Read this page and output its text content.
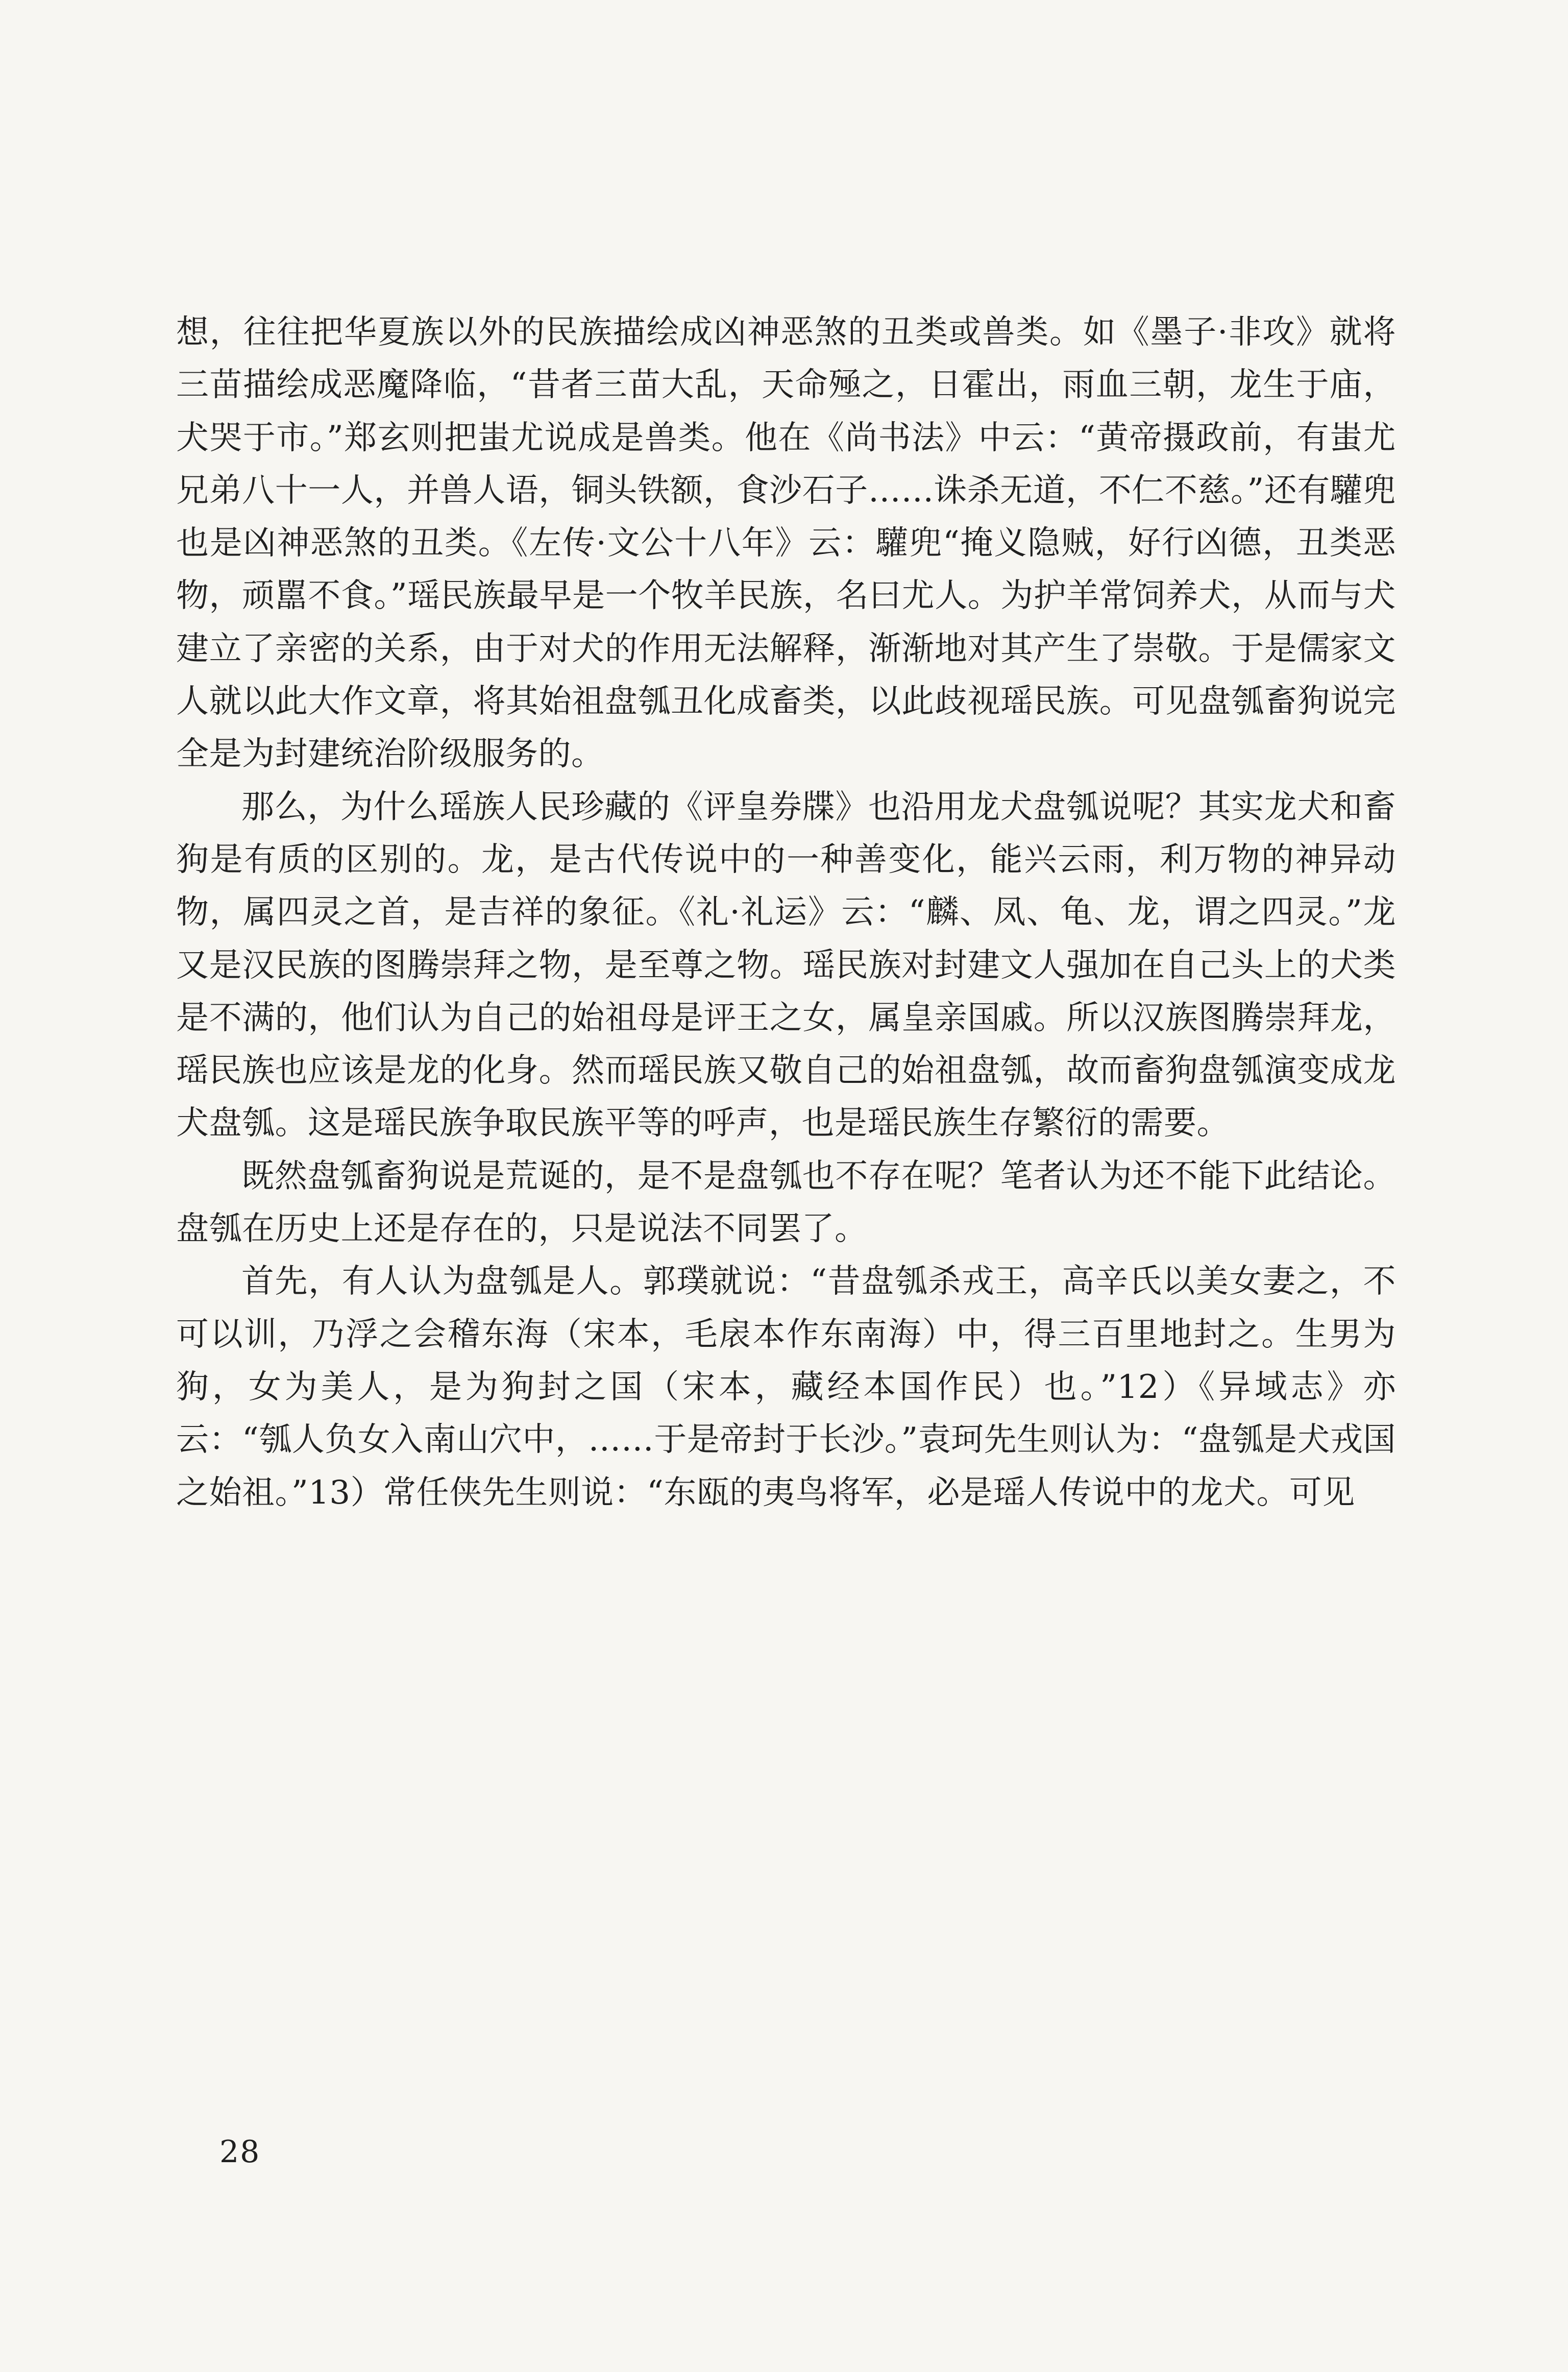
想，往往把华夏族以外的民族描绘成凶神恶煞的丑类或兽类。如《墨子·非攻》就将三苗描绘成恶魔降临，“昔者三苗大乱，天命殛之，日霍出，雨血三朝，龙生于庙，犬哭于市。”郑玄则把蚩尤说成是兽类。他在《尚书法》中云：“黄帝摄政前，有蚩尤兄弟八十一人，并兽人语，铜头铁额，食沙石子……诛杀无道，不仁不慈。”还有驩兜也是凶神恶煞的丑类。《左传·文公十八年》云：驩兜“掩义隐贼，好行凶德，丑类恶物，顽嚚不食。”瑶民族最早是一个牧羊民族，名曰尤人。为护羊常饲养犬，从而与犬建立了亲密的关系，由于对犬的作用无法解释，渐渐地对其产生了崇敬。于是儒家文人就以此大作文章，将其始祖盘瓠丑化成畜类，以此歧视瑶民族。可见盘瓠畜狗说完全是为封建统治阶级服务的。

那么，为什么瑶族人民珍藏的《评皇券牒》也沿用龙犬盘瓠说呢？其实龙犬和畜狗是有质的区别的。龙，是古代传说中的一种善变化，能兴云雨，利万物的神异动物，属四灵之首，是吉祥的象征。《礼·礼运》云：“麟、凤、龟、龙，谓之四灵。”龙又是汉民族的图腾崇拜之物，是至尊之物。瑶民族对封建文人强加在自己头上的犬类是不满的，他们认为自己的始祖母是评王之女，属皇亲国戚。所以汉族图腾崇拜龙，瑶民族也应该是龙的化身。然而瑶民族又敬自己的始祖盘瓠，故而畜狗盘瓠演变成龙犬盘瓠。这是瑶民族争取民族平等的呼声，也是瑶民族生存繁衍的需要。

既然盘瓠畜狗说是荒诞的，是不是盘瓠也不存在呢？笔者认为还不能下此结论。盘瓠在历史上还是存在的，只是说法不同罢了。

首先，有人认为盘瓠是人。郭璞就说：“昔盘瓠杀戎王，高辛氏以美女妻之，不可以训，乃浮之会稽东海（宋本，毛扆本作东南海）中，得三百里地封之。生男为狗，女为美人，是为狗封之国（宋本，藏经本国作民）也。”12）《异域志》亦云：“瓠人负女入南山穴中，……于是帝封于长沙。”袁珂先生则认为：“盘瓠是犬戎国之始祖。”13）常任侠先生则说：“东瓯的夷鸟将军，必是瑶人传说中的龙犬。可见

28
